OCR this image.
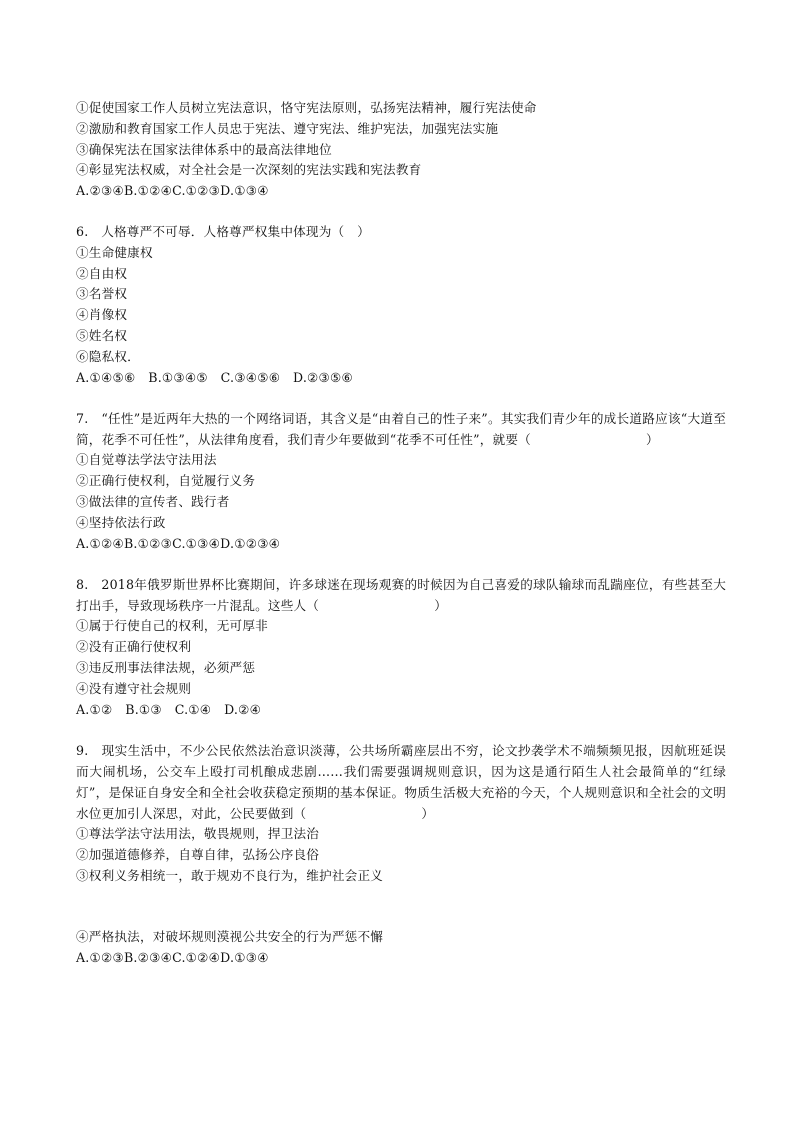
①促使国家工作人员树立宪法意识，恪守宪法原则，弘扬宪法精神，履行宪法使命
②激励和教育国家工作人员忠于宪法、遵守宪法、维护宪法，加强宪法实施
③确保宪法在国家法律体系中的最高法律地位
④彰显宪法权威，对全社会是一次深刻的宪法实践和宪法教育
A.②③④B.①②④C.①②③D.①③④
6.　人格尊严不可辱．人格尊严权集中体现为（　）
①生命健康权
②自由权
③名誉权
④肖像权
⑤姓名权
⑥隐私权．
A.①④⑤⑥　B.①③④⑤　C.③④⑤⑥　D.②③⑤⑥
7.　“任性”是近两年大热的一个网络词语，其含义是“由着自己的性子来”。其实我们青少年的成长道路应该“大道至简，花季不可任性”，从法律角度看，我们青少年要做到“花季不可任性”，就要（　　　　　　　　　）
①自觉尊法学法守法用法
②正确行使权利，自觉履行义务
③做法律的宣传者、践行者
④坚持依法行政
A.①②④B.①②③C.①③④D.①②③④
8.　2018年俄罗斯世界杯比赛期间，许多球迷在现场观赛的时候因为自己喜爱的球队输球而乱踹座位，有些甚至大打出手，导致现场秩序一片混乱。这些人（　　　　　　　　　）
①属于行使自己的权利，无可厚非
②没有正确行使权利
③违反刑事法律法规，必须严惩
④没有遵守社会规则
A.①②　B.①③　C.①④　D.②④
9.　现实生活中，不少公民依然法治意识淡薄，公共场所霸座层出不穷，论文抄袭学术不端频频见报，因航班延误而大闹机场，公交车上殴打司机酿成悲剧……我们需要强调规则意识，因为这是通行陌生人社会最简单的“红绿灯”，是保证自身安全和全社会收获稳定预期的基本保证。物质生活极大充裕的今天，个人规则意识和全社会的文明水位更加引人深思，对此，公民要做到（　　　　　　　　　）
①尊法学法守法用法，敬畏规则，捍卫法治
②加强道德修养，自尊自律，弘扬公序良俗
③权利义务相统一，敢于规劝不良行为，维护社会正义
④严格执法，对破坏规则漠视公共安全的行为严惩不懈
A.①②③B.②③④C.①②④D.①③④
